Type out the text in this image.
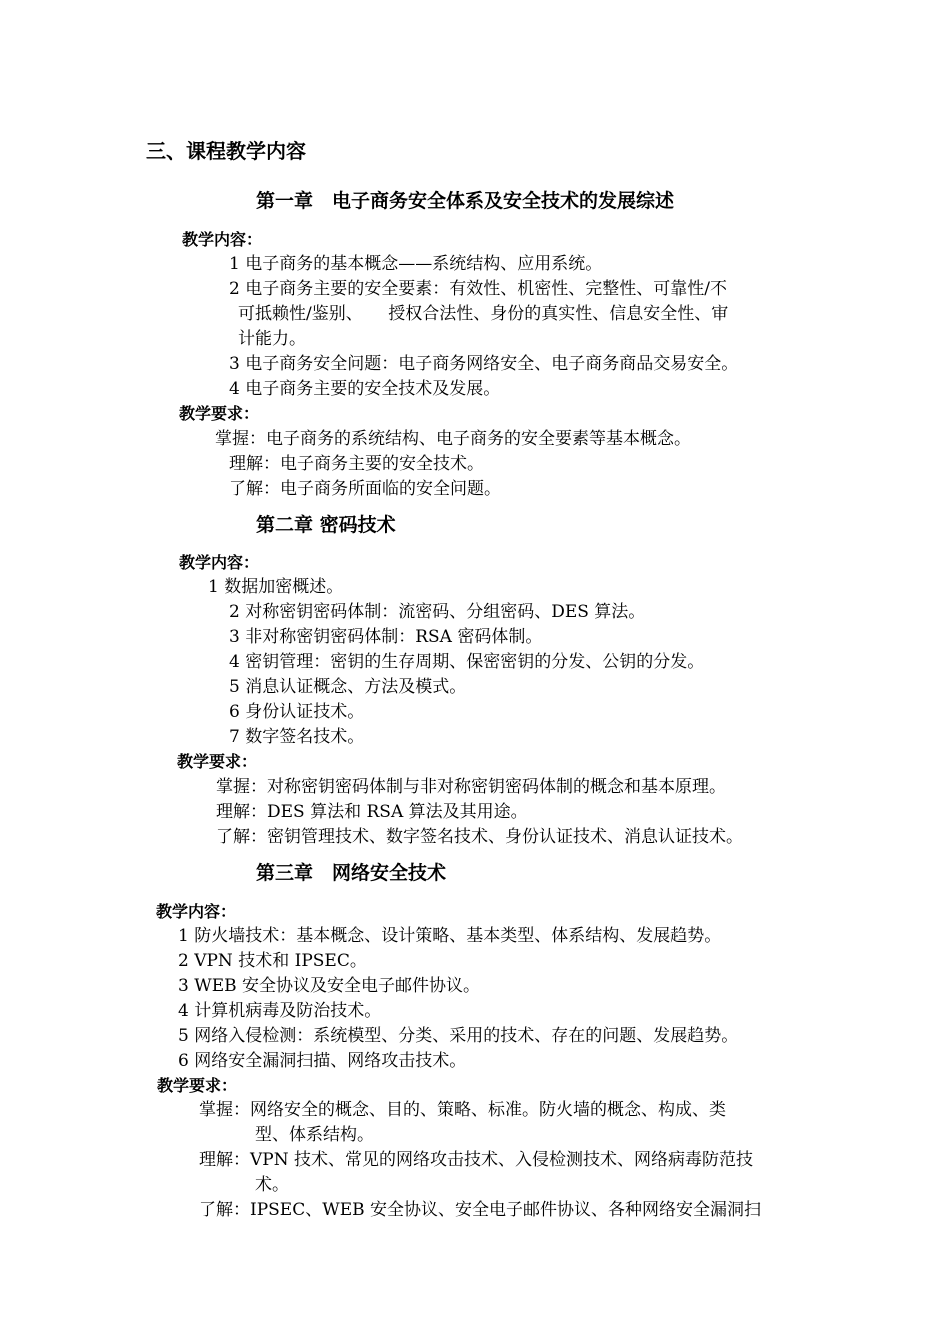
三、课程教学内容
第一章　电子商务安全体系及安全技术的发展综述
教学内容：
1 电子商务的基本概念——系统结构、应用系统。
2 电子商务主要的安全要素：有效性、机密性、完整性、可靠性/不
可抵赖性/鉴别、　　授权合法性、身份的真实性、信息安全性、审
计能力。
3 电子商务安全问题：电子商务网络安全、电子商务商品交易安全。
4 电子商务主要的安全技术及发展。
教学要求：
掌握：电子商务的系统结构、电子商务的安全要素等基本概念。
理解：电子商务主要的安全技术。
了解：电子商务所面临的安全问题。
第二章 密码技术
教学内容：
1 数据加密概述。
2 对称密钥密码体制：流密码、分组密码、DES 算法。
3 非对称密钥密码体制：RSA 密码体制。
4 密钥管理：密钥的生存周期、保密密钥的分发、公钥的分发。
5 消息认证概念、方法及模式。
6 身份认证技术。
7 数字签名技术。
教学要求：
掌握：对称密钥密码体制与非对称密钥密码体制的概念和基本原理。
理解：DES 算法和 RSA 算法及其用途。
了解：密钥管理技术、数字签名技术、身份认证技术、消息认证技术。
第三章　网络安全技术
教学内容：
1 防火墙技术：基本概念、设计策略、基本类型、体系结构、发展趋势。
2 VPN 技术和 IPSEC。
3 WEB 安全协议及安全电子邮件协议。
4 计算机病毒及防治技术。
5 网络入侵检测：系统模型、分类、采用的技术、存在的问题、发展趋势。
6 网络安全漏洞扫描、网络攻击技术。
教学要求：
掌握：网络安全的概念、目的、策略、标准。防火墙的概念、构成、类
型、体系结构。
理解：VPN 技术、常见的网络攻击技术、入侵检测技术、网络病毒防范技
术。
了解：IPSEC、WEB 安全协议、安全电子邮件协议、各种网络安全漏洞扫
